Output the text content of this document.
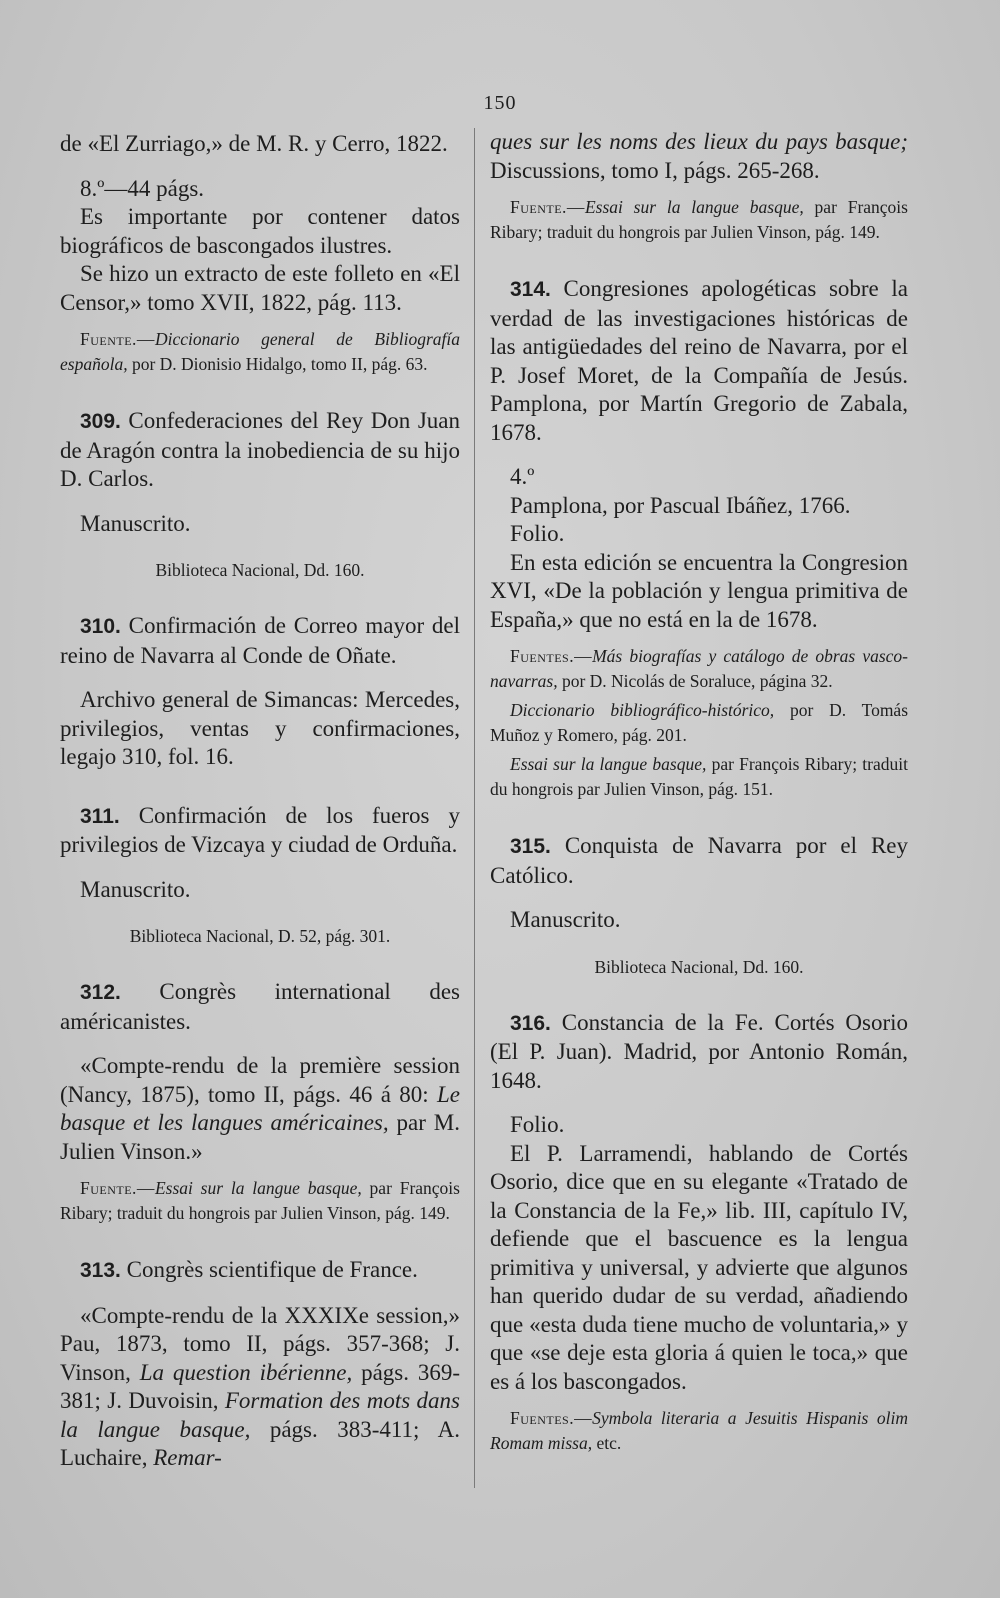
150

de «El Zurriago,» de M. R. y Cerro, 1822.

8.º—44 págs.

Es importante por contener datos biográficos de bascongados ilustres.

Se hizo un extracto de este folleto en «El Censor,» tomo XVII, 1822, pág. 113.

Fuente.—Diccionario general de Bibliografía española, por D. Dionisio Hidalgo, tomo II, pág. 63.

309. Confederaciones del Rey Don Juan de Aragón contra la inobediencia de su hijo D. Carlos.

Manuscrito.

Biblioteca Nacional, Dd. 160.

310. Confirmación de Correo mayor del reino de Navarra al Conde de Oñate.

Archivo general de Simancas: Mercedes, privilegios, ventas y confirmaciones, legajo 310, fol. 16.

311. Confirmación de los fueros y privilegios de Vizcaya y ciudad de Orduña.

Manuscrito.

Biblioteca Nacional, D. 52, pág. 301.

312. Congrès international des américanistes.

«Compte-rendu de la première session (Nancy, 1875), tomo II, págs. 46 á 80: Le basque et les langues américaines, par M. Julien Vinson.»

Fuente.—Essai sur la langue basque, par François Ribary; traduit du hongrois par Julien Vinson, pág. 149.

313. Congrès scientifique de France.

«Compte-rendu de la XXXIXe session,» Pau, 1873, tomo II, págs. 357-368; J. Vinson, La question ibérienne, págs. 369-381; J. Duvoisin, Formation des mots dans la langue basque, págs. 383-411; A. Luchaire, Remar-

ques sur les noms des lieux du pays basque; Discussions, tomo I, págs. 265-268.

Fuente.—Essai sur la langue basque, par François Ribary; traduit du hongrois par Julien Vinson, pág. 149.

314. Congresiones apologéticas sobre la verdad de las investigaciones históricas de las antigüedades del reino de Navarra, por el P. Josef Moret, de la Compañía de Jesús. Pamplona, por Martín Gregorio de Zabala, 1678.

4.º

Pamplona, por Pascual Ibáñez, 1766.

Folio.

En esta edición se encuentra la Congresion XVI, «De la población y lengua primitiva de España,» que no está en la de 1678.

Fuentes.—Más biografías y catálogo de obras vasco-navarras, por D. Nicolás de Soraluce, página 32.

Diccionario bibliográfico-histórico, por D. Tomás Muñoz y Romero, pág. 201.

Essai sur la langue basque, par François Ribary; traduit du hongrois par Julien Vinson, pág. 151.

315. Conquista de Navarra por el Rey Católico.

Manuscrito.

Biblioteca Nacional, Dd. 160.

316. Constancia de la Fe. Cortés Osorio (El P. Juan). Madrid, por Antonio Román, 1648.

Folio.

El P. Larramendi, hablando de Cortés Osorio, dice que en su elegante «Tratado de la Constancia de la Fe,» lib. III, capítulo IV, defiende que el bascuence es la lengua primitiva y universal, y advierte que algunos han querido dudar de su verdad, añadiendo que «esta duda tiene mucho de voluntaria,» y que «se deje esta gloria á quien le toca,» que es á los bascongados.

Fuentes.—Symbola literaria a Jesuitis Hispanis olim Romam missa, etc.
